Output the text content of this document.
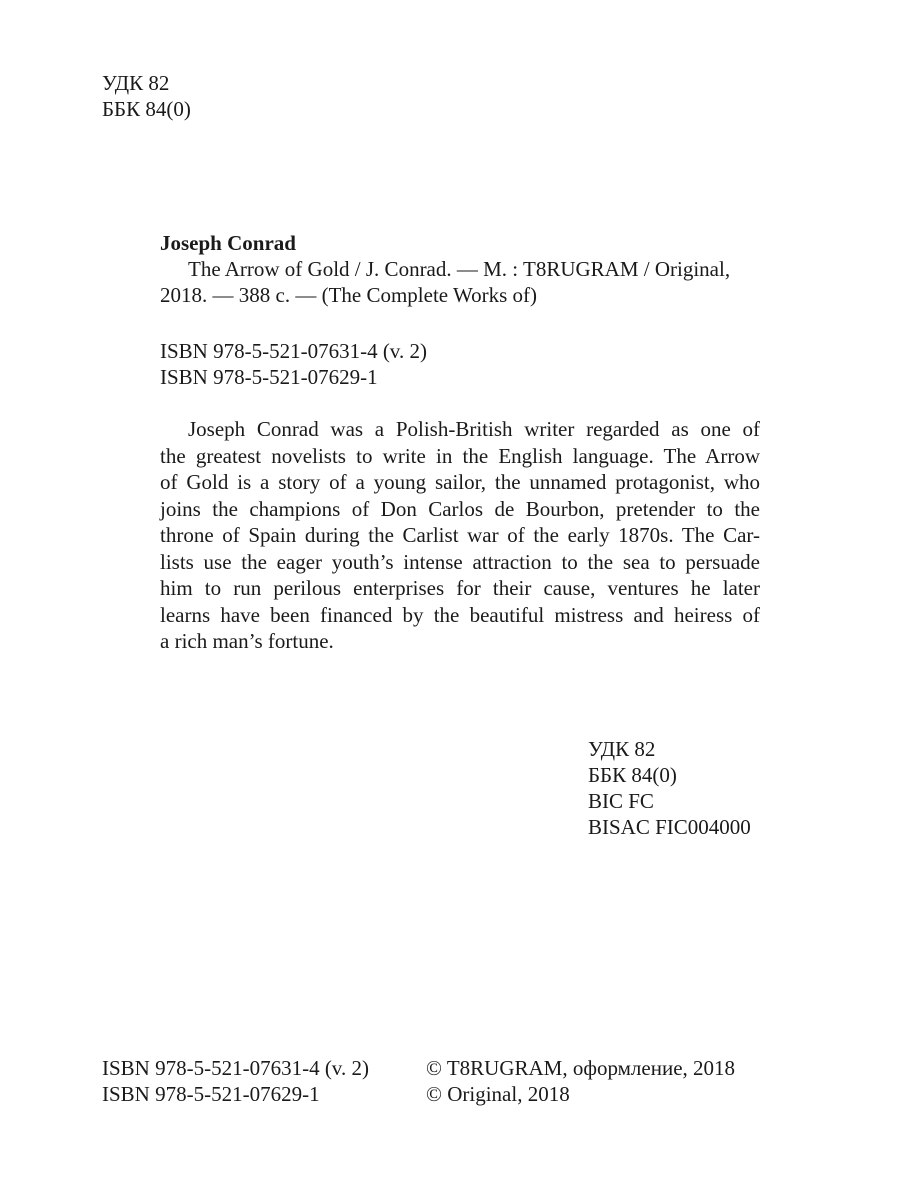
УДК 82
ББК 84(0)
Joseph Conrad
The Arrow of Gold / J. Conrad. — M. : T8RUGRAM / Original,
2018. — 388 с. — (The Complete Works of)
ISBN 978-5-521-07631-4 (v. 2)
ISBN 978-5-521-07629-1
Joseph Conrad was a Polish-British writer regarded as one of
the greatest novelists to write in the English language. The Arrow
of Gold is a story of a young sailor, the unnamed protagonist, who
joins the champions of Don Carlos de Bourbon, pretender to the
throne of Spain during the Carlist war of the early 1870s. The Car-
lists use the eager youth’s intense attraction to the sea to persuade
him to run perilous enterprises for their cause, ventures he later
learns have been financed by the beautiful mistress and heiress of
a rich man’s fortune.
УДК 82
ББК 84(0)
BIC FC
BISAC FIC004000
ISBN 978-5-521-07631-4 (v. 2)
ISBN 978-5-521-07629-1
© T8RUGRAM, оформление, 2018
© Original, 2018
